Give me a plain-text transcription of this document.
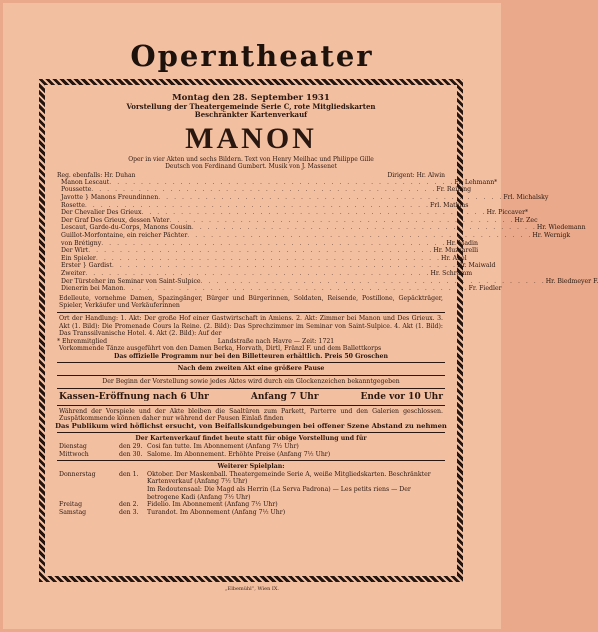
Operntheater
Montag den 28. September 1931
Vorstellung der Theatergemeinde Serie C, rote Mitgliedskarten
Beschränkter Kartenverkauf
MANON
Oper in vier Akten und sechs Bildern. Text von Henry Meilhac und Philippe Gille
Deutsch von Ferdinand Gumbert. Musik von J. Massenet
Reg. ebenfalls: Hr. Duhan	Dirigent: Hr. Alwin
Manon Lescaut . . . . . . . . . . . . . . . . . . . . . . . . . . . . . . . . . . . . . . . . . . . . Fr. Lehmann*
Poussette . . . . . . . . . . . . . . . . . . . . . . . . . . . . . . . . . . . . . . . . . . . . Fr. Reining
Javotte } Manons Freundinnen . . . . . . . . . . . . . . . . . . . . . . . . . . . . . . . . . . . . . . . . . . . . Frl. Michalsky
Rosette . . . . . . . . . . . . . . . . . . . . . . . . . . . . . . . . . . . . . . . . . . . . Frl. Mathias
Der Chevalier Des Grieux . . . . . . . . . . . . . . . . . . . . . . . . . . . . . . . . . . . . . . . . . . . . Hr. Piccaver*
Der Graf Des Grieux, dessen Vater . . . . . . . . . . . . . . . . . . . . . . . . . . . . . . . . . . . . . . . . . . . . Hr. Zec
Lescaut, Garde-du-Corps, Manons Cousin . . . . . . . . . . . . . . . . . . . . . . . . . . . . . . . . . . . . . . . . . . . . Hr. Wiedemann
Guillot-Morfontaine, ein reicher Pächter . . . . . . . . . . . . . . . . . . . . . . . . . . . . . . . . . . . . . . . . . . . . Hr. Wernigk
von Brétigny . . . . . . . . . . . . . . . . . . . . . . . . . . . . . . . . . . . . . . . . . . . . Hr. Madin
Der Wirt . . . . . . . . . . . . . . . . . . . . . . . . . . . . . . . . . . . . . . . . . . . . Hr. Muzzarelli
Ein Spieler . . . . . . . . . . . . . . . . . . . . . . . . . . . . . . . . . . . . . . . . . . . . Hr. Abel
Erster } Gardist . . . . . . . . . . . . . . . . . . . . . . . . . . . . . . . . . . . . . . . . . . . . Hr. Maiwald
Zweiter . . . . . . . . . . . . . . . . . . . . . . . . . . . . . . . . . . . . . . . . . . . . Hr. Schramm
Der Türsteher im Seminar von Saint-Sulpice . . . . . . . . . . . . . . . . . . . . . . . . . . . . . . . . . . . . . . . . . . . . Hr. Biedmeyer F.
Dienerin bei Manon . . . . . . . . . . . . . . . . . . . . . . . . . . . . . . . . . . . . . . . . . . . . Fr. Fiedler
Edelleute, vornehme Damen, Spazingänger, Bürger und Bürgerinnen, Soldaten, Reisende, Postillone, Gepäckträger, Spieler, Verkäufer und Verkäuferinnen
Ort der Handlung: 1. Akt: Der große Hof einer Gastwirtschaft in Amiens. 2. Akt: Zimmer bei Manon und Des Grieux. 3. Akt (1. Bild): Die Promenade Cours la Reine. (2. Bild): Das Sprechzimmer im Seminar von Saint-Sulpice. 4. Akt (1. Bild): Das Transsilvanische Hotel. 4. Akt (2. Bild): Auf der
* Ehrenmitglied	Landstraße nach Havre — Zeit: 1721
Vorkommende Tänze ausgeführt von den Damen Berka, Horvath, Dirtl, Fränzl F. und dem Ballettkorps
Das offizielle Programm nur bei den Billetteuren erhältlich. Preis 50 Groschen
Nach dem zweiten Akt eine größere Pause
Der Beginn der Vorstellung sowie jedes Aktes wird durch ein Glockenzeichen bekanntgegeben
Kassen-Eröffnung nach 6 Uhr	Anfang 7 Uhr	Ende vor 10 Uhr
Während der Vorspiele und der Akte bleiben die Saaltüren zum Parkett, Parterre und den Galerien geschlossen. Zuspätkommende können daher nur während der Pausen Einlaß finden
Das Publikum wird höflichst ersucht, von Beifallskundgebungen bei offener Szene Abstand zu nehmen
Der Kartenverkauf findet heute statt für obige Vorstellung und für
Dienstag	den 29. Cosi fan tutte. Im Abonnement (Anfang 7½ Uhr)
Mittwoch	den 30. Salome. Im Abonnement. Erhöhte Preise (Anfang 7½ Uhr)
Weiterer Spielplan:
Donnerstag	den 1.	Oktober. Der Maskenball. Theatergemeinde Serie A, weiße Mitgliedskarten. Beschränkter Kartenverkauf (Anfang 7½ Uhr)
Im Redoutensaal: Die Magd als Herrin (La Serva Padrona) — Les petits riens — Der betrogene Kadi (Anfang 7½ Uhr)
Freitag	den 2.	Fidelio. Im Abonnement (Anfang 7½ Uhr)
Samstag	den 3.	Turandot. Im Abonnement (Anfang 7½ Uhr)
„Elbemühl“, Wien IX.
